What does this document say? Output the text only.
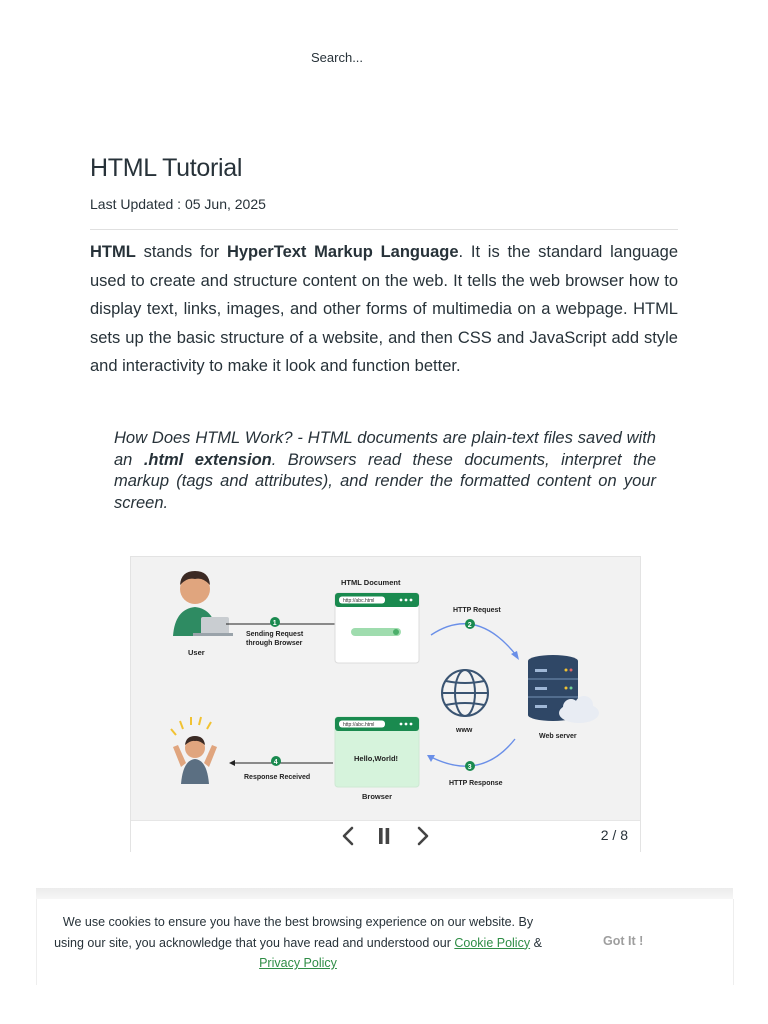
Search...
HTML Tutorial
Last Updated : 05 Jun, 2025

HTML stands for HyperText Markup Language. It is the standard language used to create and structure content on the web. It tells the web browser how to display text, links, images, and other forms of multimedia on a webpage. HTML sets up the basic structure of a website, and then CSS and JavaScript add style and interactivity to make it look and function better.

How Does HTML Work? - HTML documents are plain-text files saved with an .html extension. Browsers read these documents, interpret the markup (tags and attributes), and render the formatted content on your screen.

User
1
Sending Request
through Browser
HTML Document
http://abc.html
2
HTTP Request
www
Web server
3
HTTP Response
http://abc.html
Hello,World!
Browser
4
Response Received
2 / 8
We use cookies to ensure you have the best browsing experience on our website. By using our site, you acknowledge that you have read and understood our Cookie Policy & Privacy Policy
Got It !
